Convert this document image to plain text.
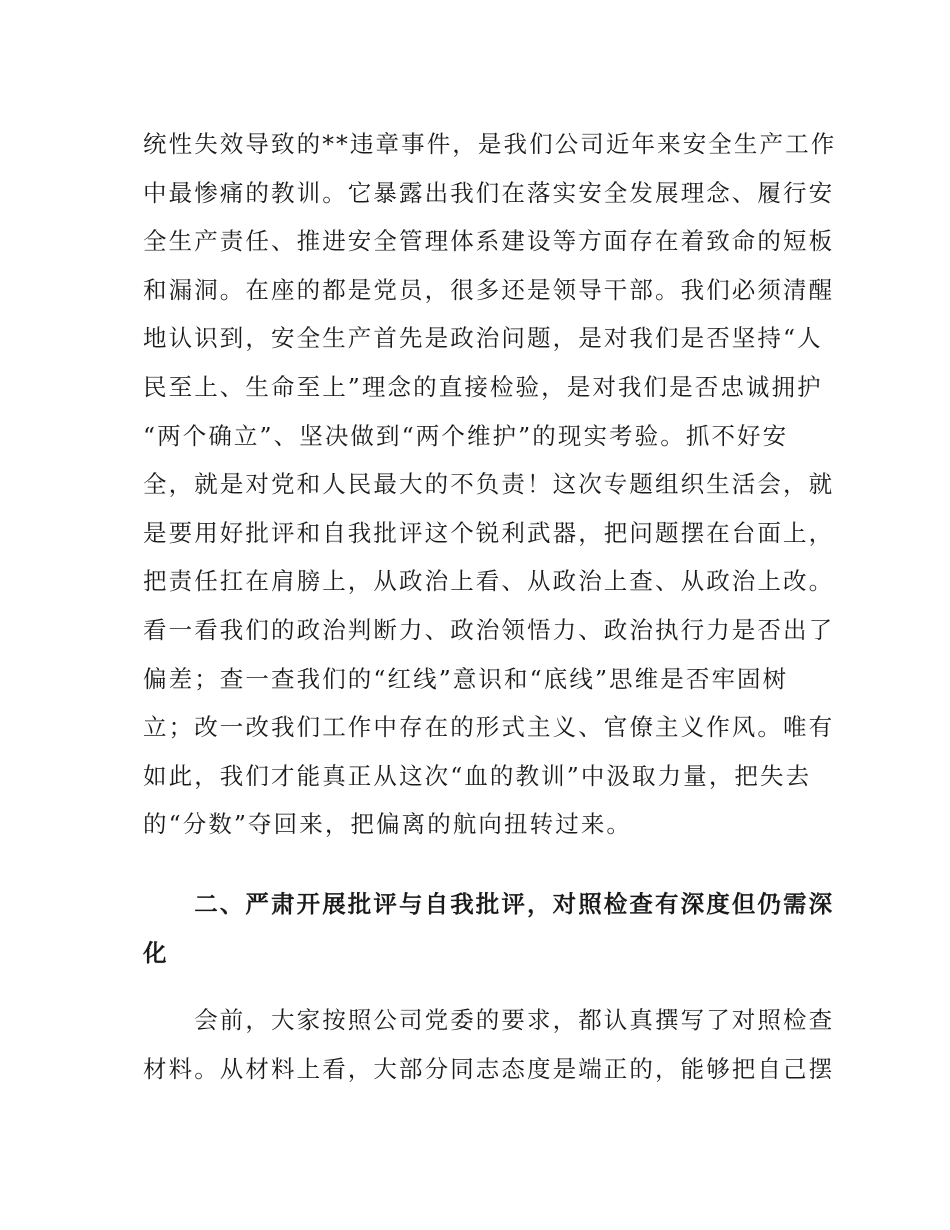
统性失效导致的**违章事件，是我们公司近年来安全生产工作
中最惨痛的教训。它暴露出我们在落实安全发展理念、履行安
全生产责任、推进安全管理体系建设等方面存在着致命的短板
和漏洞。在座的都是党员，很多还是领导干部。我们必须清醒
地认识到，安全生产首先是政治问题，是对我们是否坚持“人
民至上、生命至上”理念的直接检验，是对我们是否忠诚拥护
“两个确立”、坚决做到“两个维护”的现实考验。抓不好安
全，就是对党和人民最大的不负责！这次专题组织生活会，就
是要用好批评和自我批评这个锐利武器，把问题摆在台面上，
把责任扛在肩膀上，从政治上看、从政治上查、从政治上改。
看一看我们的政治判断力、政治领悟力、政治执行力是否出了
偏差；查一查我们的“红线”意识和“底线”思维是否牢固树
立；改一改我们工作中存在的形式主义、官僚主义作风。唯有
如此，我们才能真正从这次“血的教训”中汲取力量，把失去
的“分数”夺回来，把偏离的航向扭转过来。
　　二、严肃开展批评与自我批评，对照检查有深度但仍需深
化
　　会前，大家按照公司党委的要求，都认真撰写了对照检查
材料。从材料上看，大部分同志态度是端正的，能够把自己摆
